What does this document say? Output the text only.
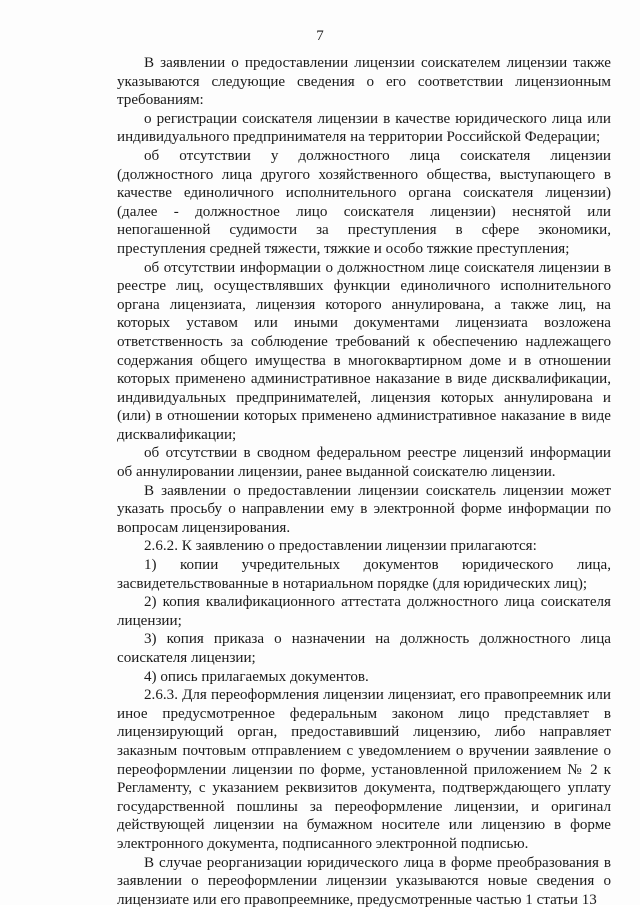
7

В заявлении о предоставлении лицензии соискателем лицензии также указываются следующие сведения о его соответствии лицензионным требованиям:

о регистрации соискателя лицензии в качестве юридического лица или индивидуального предпринимателя на территории Российской Федерации;

об отсутствии у должностного лица соискателя лицензии (должностного лица другого хозяйственного общества, выступающего в качестве единоличного исполнительного органа соискателя лицензии) (далее - должностное лицо соискателя лицензии) неснятой или непогашенной судимости за преступления в сфере экономики, преступления средней тяжести, тяжкие и особо тяжкие преступления;

об отсутствии информации о должностном лице соискателя лицензии в реестре лиц, осуществлявших функции единоличного исполнительного органа лицензиата, лицензия которого аннулирована, а также лиц, на которых уставом или иными документами лицензиата возложена ответственность за соблюдение требований к обеспечению надлежащего содержания общего имущества в многоквартирном доме и в отношении которых применено административное наказание в виде дисквалификации, индивидуальных предпринимателей, лицензия которых аннулирована и (или) в отношении которых применено административное наказание в виде дисквалификации;

об отсутствии в сводном федеральном реестре лицензий информации об аннулировании лицензии, ранее выданной соискателю лицензии.

В заявлении о предоставлении лицензии соискатель лицензии может указать просьбу о направлении ему в электронной форме информации по вопросам лицензирования.

2.6.2. К заявлению о предоставлении лицензии прилагаются:

1) копии учредительных документов юридического лица, засвидетельствованные в нотариальном порядке (для юридических лиц);

2) копия квалификационного аттестата должностного лица соискателя лицензии;

3) копия приказа о назначении на должность должностного лица соискателя лицензии;

4) опись прилагаемых документов.

2.6.3. Для переоформления лицензии лицензиат, его правопреемник или иное предусмотренное федеральным законом лицо представляет в лицензирующий орган, предоставивший лицензию, либо направляет заказным почтовым отправлением с уведомлением о вручении заявление о переоформлении лицензии по форме, установленной приложением № 2 к Регламенту, с указанием реквизитов документа, подтверждающего уплату государственной пошлины за переоформление лицензии, и оригинал действующей лицензии на бумажном носителе или лицензию в форме электронного документа, подписанного электронной подписью.

В случае реорганизации юридического лица в форме преобразования в заявлении о переоформлении лицензии указываются новые сведения о лицензиате или его правопреемнике, предусмотренные частью 1 статьи 13
